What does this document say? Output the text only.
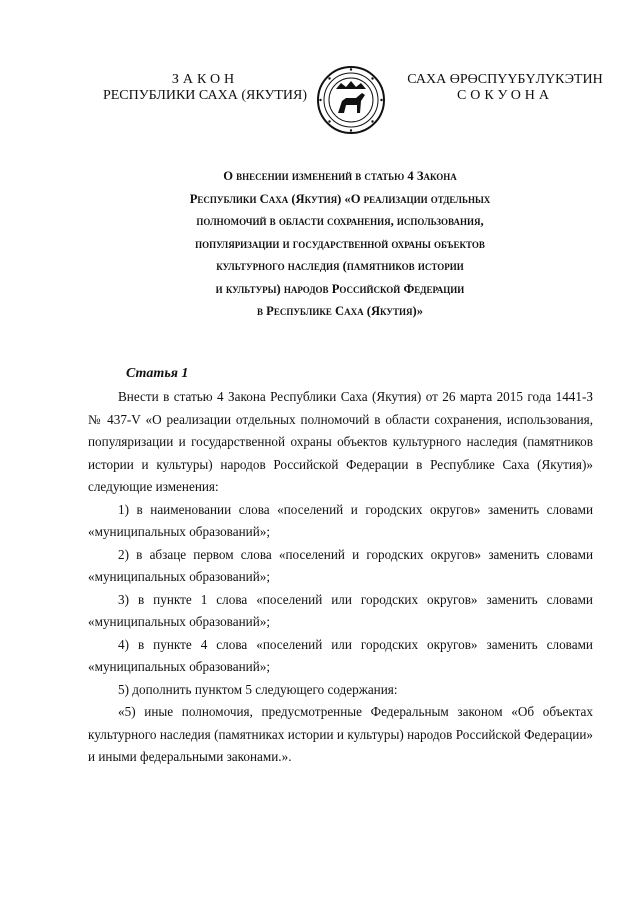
ЗАКОН
РЕСПУБЛИКИ САХА (ЯКУТИЯ)
САХА ӨРӨСПҮҮБҮЛҮКЭТИН
СОКУОНА
О внесении изменений в статью 4 Закона
Республики Саха (Якутия) «О реализации отдельных
полномочий в области сохранения, использования,
популяризации и государственной охраны объектов
культурного наследия (памятников истории
и культуры) народов Российской Федерации
в Республике Саха (Якутия)»
Статья 1

Внести в статью 4 Закона Республики Саха (Якутия) от 26 марта 2015 года 1441-З № 437-V «О реализации отдельных полномочий в области сохранения, использования, популяризации и государственной охраны объектов культурного наследия (памятников истории и культуры) народов Российской Федерации в Республике Саха (Якутия)» следующие изменения:

1) в наименовании слова «поселений и городских округов» заменить словами «муниципальных образований»;

2) в абзаце первом слова «поселений и городских округов» заменить словами «муниципальных образований»;

3) в пункте 1 слова «поселений или городских округов» заменить словами «муниципальных образований»;

4) в пункте 4 слова «поселений или городских округов» заменить словами «муниципальных образований»;

5) дополнить пунктом 5 следующего содержания:

«5) иные полномочия, предусмотренные Федеральным законом «Об объектах культурного наследия (памятниках истории и культуры) народов Российской Федерации» и иными федеральными законами.».
